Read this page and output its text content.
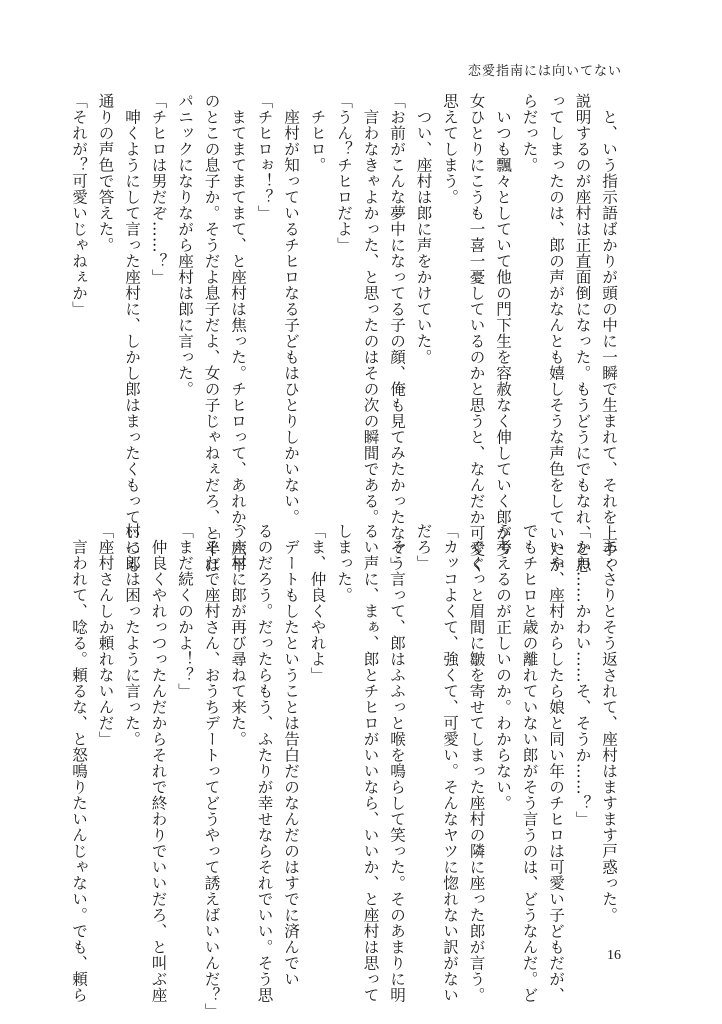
恋愛指南には向いてない
　と、いう指示語ばかりが頭の中に一瞬で生まれて、それを上手く
説明するのが座村は正直面倒になった。もうどうにでもなれ、と思
ってしまったのは、郎の声がなんとも嬉しそうな声色をしていたか
らだった。
　いつも飄々としていて他の門下生を容赦なく伸していく郎が少
女ひとりにこうも一喜一憂しているのかと思うと、なんだか可愛く
思えてしまう。
　つい、座村は郎に声をかけていた。
「お前がこんな夢中になってる子の顔、俺も見てみたかったなァ」
　言わなきゃよかった、と思ったのはその次の瞬間である。
「うん？チヒロだよ」
　チヒロ。
　座村が知っているチヒロなる子どもはひとりしかいない。
「チヒロぉ！？」
　まてまてまてまて、と座村は焦った。チヒロって、あれか、六平
のとこの息子か。そうだよ息子だよ、女の子じゃねぇだろ、と半ば
パニックになりながら座村は郎に言った。
「チヒロは男だぞ……？」
　呻くようにして言った座村に、しかし郎はまったくもっていつも
通りの声色で答えた。
「それが？可愛いじゃねぇか」
　あっさりとそう返されて、座村はますます戸惑った。
「かわ……かわい……そ、そうか……？」
　いや、座村からしたら娘と同い年のチヒロは可愛い子どもだが、
でもチヒロと歳の離れていない郎がそう言うのは、どうなんだ。ど
う考えるのが正しいのか。わからない。
　ぐぐっと眉間に皺を寄せてしまった座村の隣に座った郎が言う。
「カッコよくて、強くて、可愛い。そんなヤツに惚れない訳がない
だろ」
　そう言って、郎はふふっと喉を鳴らして笑った。そのあまりに明
るい声に、まぁ、郎とチヒロがいいなら、いいか、と座村は思って
しまった。
「ま、仲良くやれよ」
　デートもしたということは告白だのなんだのはすでに済んでい
るのだろう。だったらもう、ふたりが幸せならそれでいい。そう思
う座村に郎が再び尋ねて来た。
「それで座村さん、おうちデートってどうやって誘えばいいんだ？」
「まだ続くのかよ！？」
　仲良くやれっつったんだからそれで終わりでいいだろ、と叫ぶ座
村に郎は困ったように言った。
「座村さんしか頼れないんだ」
　言われて、唸る。頼るな、と怒鳴りたいんじゃない。でも、頼ら	16
